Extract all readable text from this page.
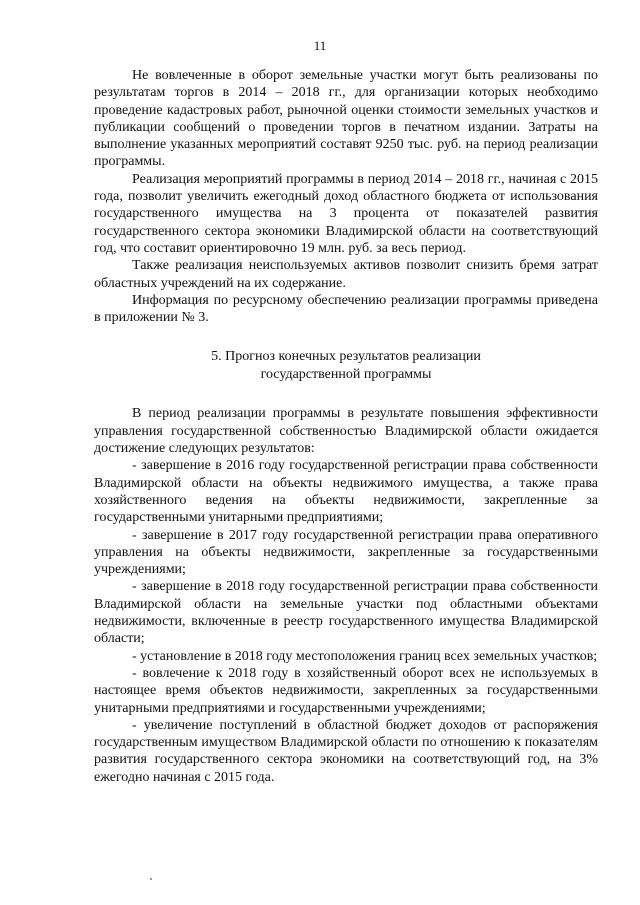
11

Не вовлеченные в оборот земельные участки могут быть реализованы по результатам торгов в 2014 – 2018 гг., для организации которых необходимо проведение кадастровых работ, рыночной оценки стоимости земельных участков и публикации сообщений о проведении торгов в печатном издании. Затраты на выполнение указанных мероприятий составят 9250 тыс. руб. на период реализации программы.

Реализация мероприятий программы в период 2014 – 2018 гг., начиная с 2015 года, позволит увеличить ежегодный доход областного бюджета от использования государственного имущества на 3 процента от показателей развития государственного сектора экономики Владимирской области на соответствующий год, что составит ориентировочно 19 млн. руб. за весь период.

Также реализация неиспользуемых активов позволит снизить бремя затрат областных учреждений на их содержание.

Информация по ресурсному обеспечению реализации программы приведена в приложении № 3.

5. Прогноз конечных результатов реализации
государственной программы

В период реализации программы в результате повышения эффективности управления государственной собственностью Владимирской области ожидается достижение следующих результатов:

- завершение в 2016 году государственной регистрации права собственности Владимирской области на объекты недвижимого имущества, а также права хозяйственного ведения на объекты недвижимости, закрепленные за государственными унитарными предприятиями;

- завершение в 2017 году государственной регистрации права оперативного управления на объекты недвижимости, закрепленные за государственными учреждениями;

- завершение в 2018 году государственной регистрации права собственности Владимирской области на земельные участки под областными объектами недвижимости, включенные в реестр государственного имущества Владимирской области;

- установление в 2018 году местоположения границ всех земельных участков;

- вовлечение к 2018 году в хозяйственный оборот всех не используемых в настоящее время объектов недвижимости, закрепленных за государственными унитарными предприятиями и государственными учреждениями;

- увеличение поступлений в областной бюджет доходов от распоряжения государственным имуществом Владимирской области по отношению к показателям развития государственного сектора экономики на соответствующий год, на 3% ежегодно начиная с 2015 года.
